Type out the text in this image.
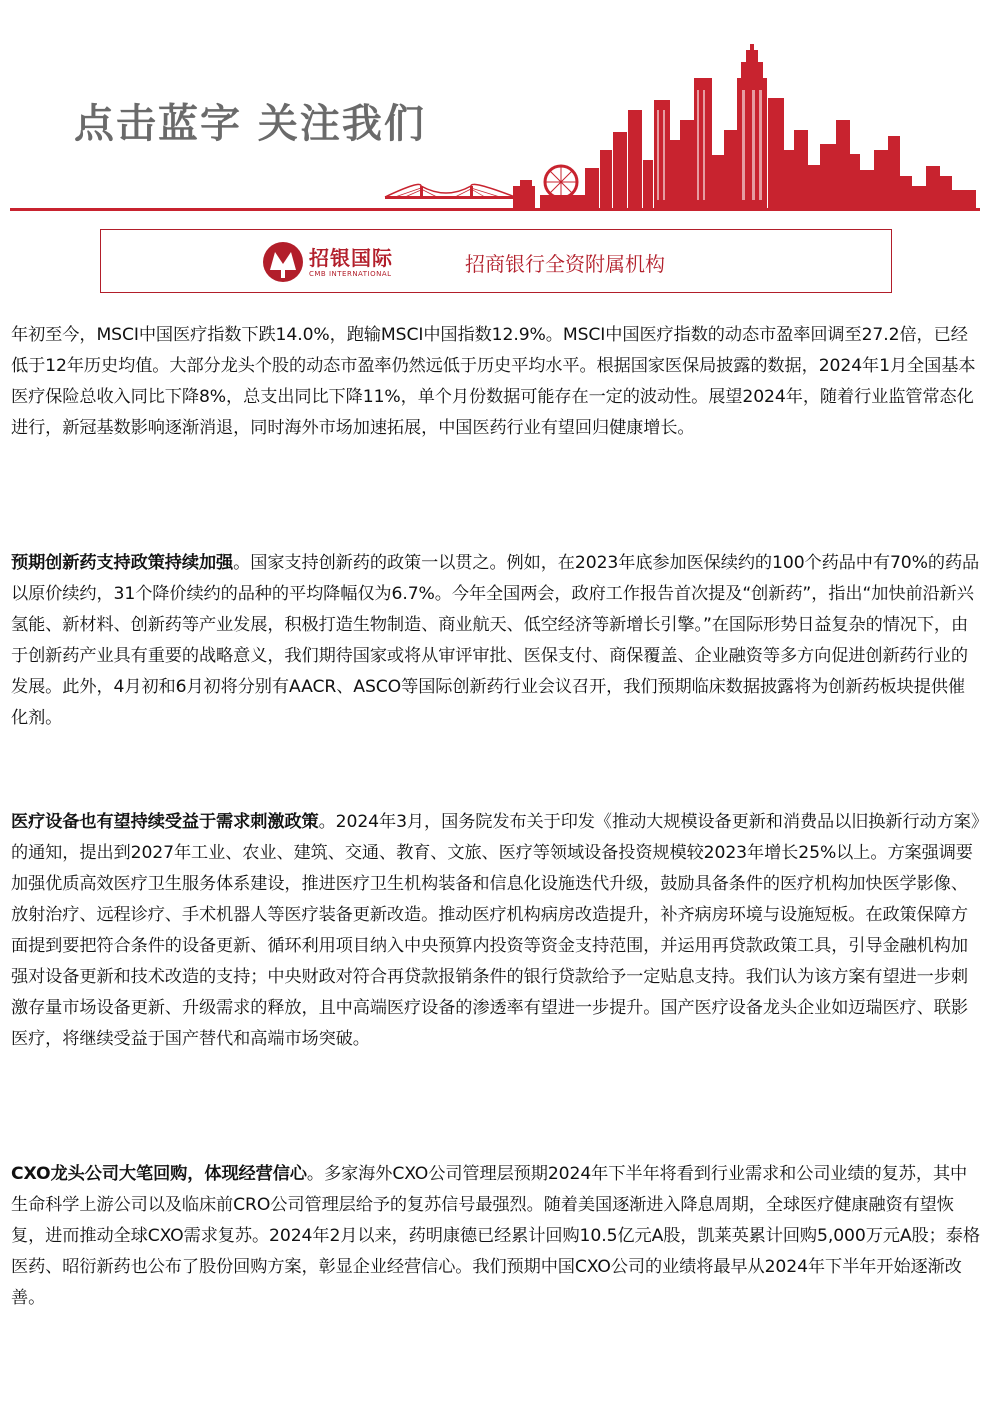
点击蓝字 关注我们
招银国际
CMB INTERNATIONAL	招商银行全资附属机构

年初至今，MSCI中国医疗指数下跌14.0%，跑输MSCI中国指数12.9%。MSCI中国医疗指数的动态市盈率回调至27.2倍，已经低于12年历史均值。大部分龙头个股的动态市盈率仍然远低于历史平均水平。根据国家医保局披露的数据，2024年1月全国基本医疗保险总收入同比下降8%，总支出同比下降11%，单个月份数据可能存在一定的波动性。展望2024年，随着行业监管常态化进行，新冠基数影响逐渐消退，同时海外市场加速拓展，中国医药行业有望回归健康增长。

预期创新药支持政策持续加强。国家支持创新药的政策一以贯之。例如，在2023年底参加医保续约的100个药品中有70%的药品以原价续约，31个降价续约的品种的平均降幅仅为6.7%。今年全国两会，政府工作报告首次提及“创新药”，指出“加快前沿新兴氢能、新材料、创新药等产业发展，积极打造生物制造、商业航天、低空经济等新增长引擎。”在国际形势日益复杂的情况下，由于创新药产业具有重要的战略意义，我们期待国家或将从审评审批、医保支付、商保覆盖、企业融资等多方向促进创新药行业的发展。此外，4月初和6月初将分别有AACR、ASCO等国际创新药行业会议召开，我们预期临床数据披露将为创新药板块提供催化剂。

医疗设备也有望持续受益于需求刺激政策。2024年3月，国务院发布关于印发《推动大规模设备更新和消费品以旧换新行动方案》的通知，提出到2027年工业、农业、建筑、交通、教育、文旅、医疗等领域设备投资规模较2023年增长25%以上。方案强调要加强优质高效医疗卫生服务体系建设，推进医疗卫生机构装备和信息化设施迭代升级，鼓励具备条件的医疗机构加快医学影像、放射治疗、远程诊疗、手术机器人等医疗装备更新改造。推动医疗机构病房改造提升，补齐病房环境与设施短板。在政策保障方面提到要把符合条件的设备更新、循环利用项目纳入中央预算内投资等资金支持范围，并运用再贷款政策工具，引导金融机构加强对设备更新和技术改造的支持；中央财政对符合再贷款报销条件的银行贷款给予一定贴息支持。我们认为该方案有望进一步刺激存量市场设备更新、升级需求的释放，且中高端医疗设备的渗透率有望进一步提升。国产医疗设备龙头企业如迈瑞医疗、联影医疗，将继续受益于国产替代和高端市场突破。

CXO龙头公司大笔回购，体现经营信心。多家海外CXO公司管理层预期2024年下半年将看到行业需求和公司业绩的复苏，其中生命科学上游公司以及临床前CRO公司管理层给予的复苏信号最强烈。随着美国逐渐进入降息周期，全球医疗健康融资有望恢复，进而推动全球CXO需求复苏。2024年2月以来，药明康德已经累计回购10.5亿元A股，凯莱英累计回购5,000万元A股；泰格医药、昭衍新药也公布了股份回购方案，彰显企业经营信心。我们预期中国CXO公司的业绩将最早从2024年下半年开始逐渐改善。
